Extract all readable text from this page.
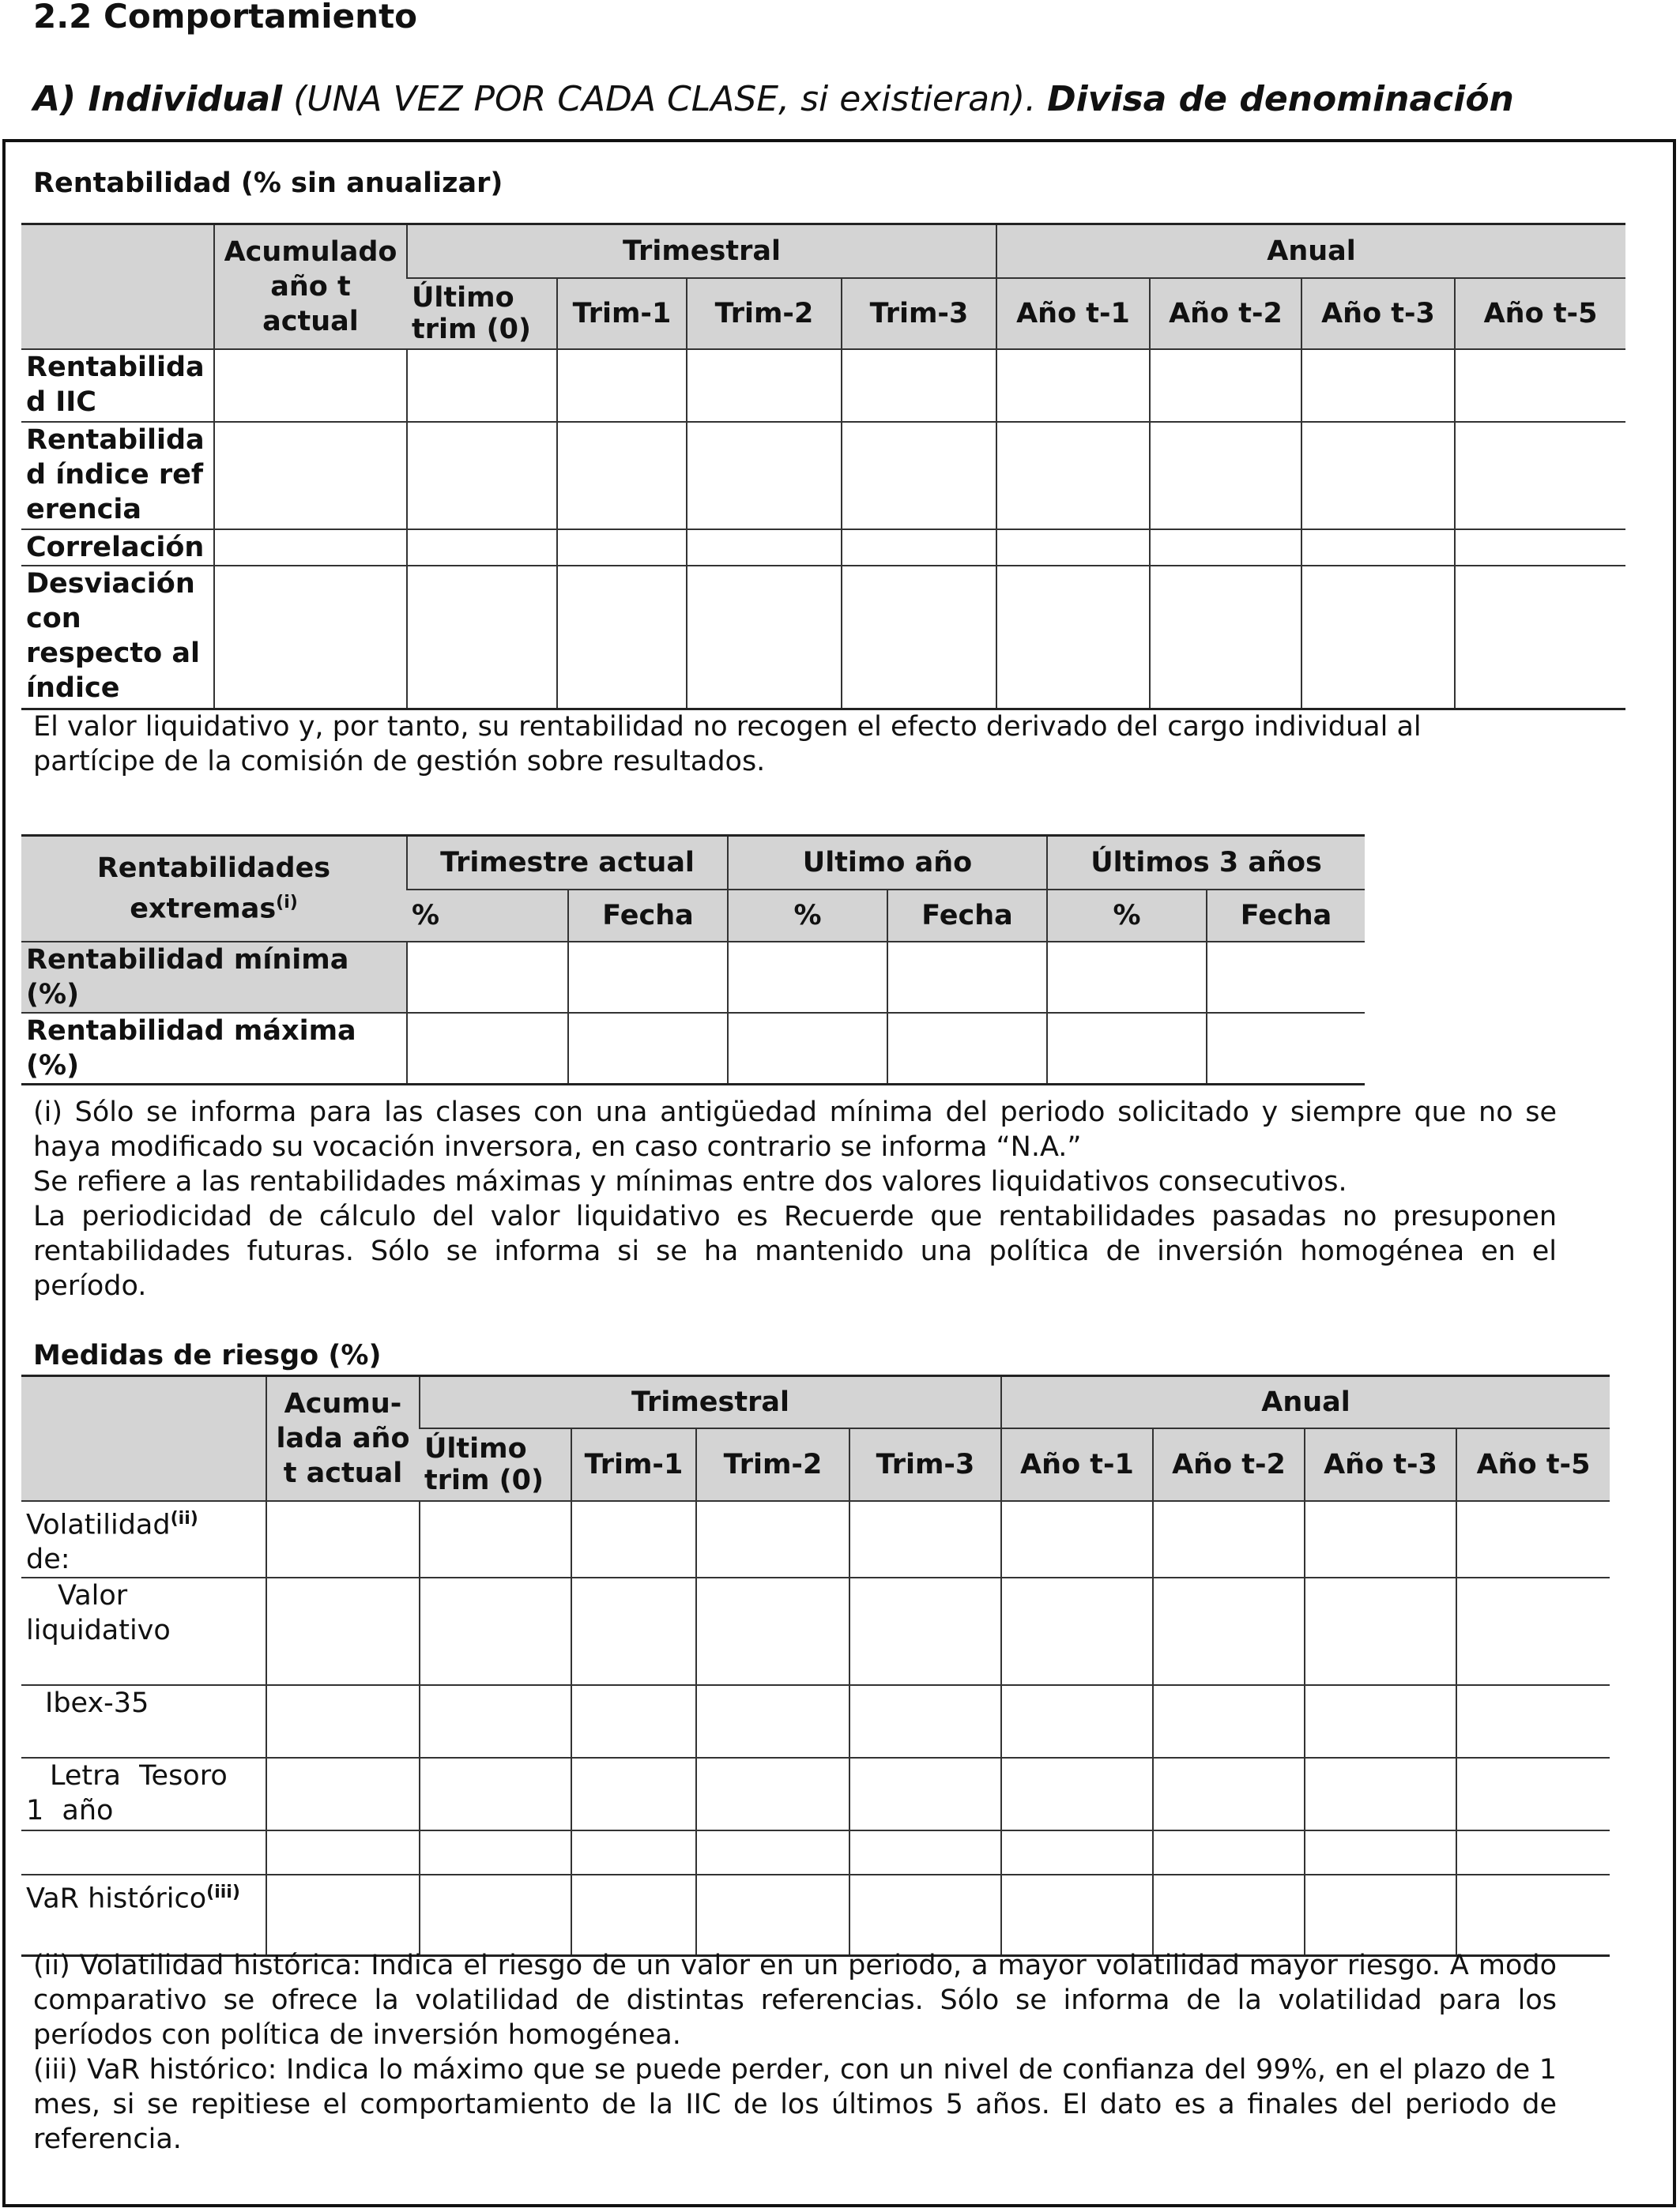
2.2 Comportamiento
A) Individual (UNA VEZ POR CADA CLASE, si existieran). Divisa de denominación
Rentabilidad (% sin anualizar)
	Acumulado año t actual	Trimestral				Anual			
		Último trim (0)	Trim-1	Trim-2	Trim-3	Año t-1	Año t-2	Año t-3	Año t-5
Rentabilidad IIC									
Rentabilidad índice referencia									
Correlación									
Desviación con respecto al índice									
El valor liquidativo y, por tanto, su rentabilidad no recogen el efecto derivado del cargo individual al partícipe de la comisión de gestión sobre resultados.
Rentabilidades extremas$^{(i)}$	Trimestre actual		Ultimo año		Últimos 3 años	
	%	Fecha	%	Fecha	%	Fecha
Rentabilidad mínima (%)						
Rentabilidad máxima (%)						

(i) Sólo se informa para las clases con una antigüedad mínima del periodo solicitado y siempre que no se haya modificado su vocación inversora, en caso contrario se informa “N.A.”

Se refiere a las rentabilidades máximas y mínimas entre dos valores liquidativos consecutivos.

La periodicidad de cálculo del valor liquidativo es Recuerde que rentabilidades pasadas no presuponen rentabilidades futuras. Sólo se informa si se ha mantenido una política de inversión homogénea en el período.

Medidas de riesgo (%)
	Acumu-lada año t actual	Trimestral				Anual			
		Último trim (0)	Trim-1	Trim-2	Trim-3	Año t-1	Año t-2	Año t-3	Año t-5
Volatilidad$^{(ii)}$
de:									
Valor liquidativo									
Ibex-35									
Letra Tesoro 1 año									

VaR histórico$^{(iii)}$									

(ii) Volatilidad histórica: Indica el riesgo de un valor en un periodo, a mayor volatilidad mayor riesgo. A modo comparativo se ofrece la volatilidad de distintas referencias. Sólo se informa de la volatilidad para los períodos con política de inversión homogénea.

(iii) VaR histórico: Indica lo máximo que se puede perder, con un nivel de confianza del 99%, en el plazo de 1 mes, si se repitiese el comportamiento de la IIC de los últimos 5 años. El dato es a finales del periodo de referencia.
